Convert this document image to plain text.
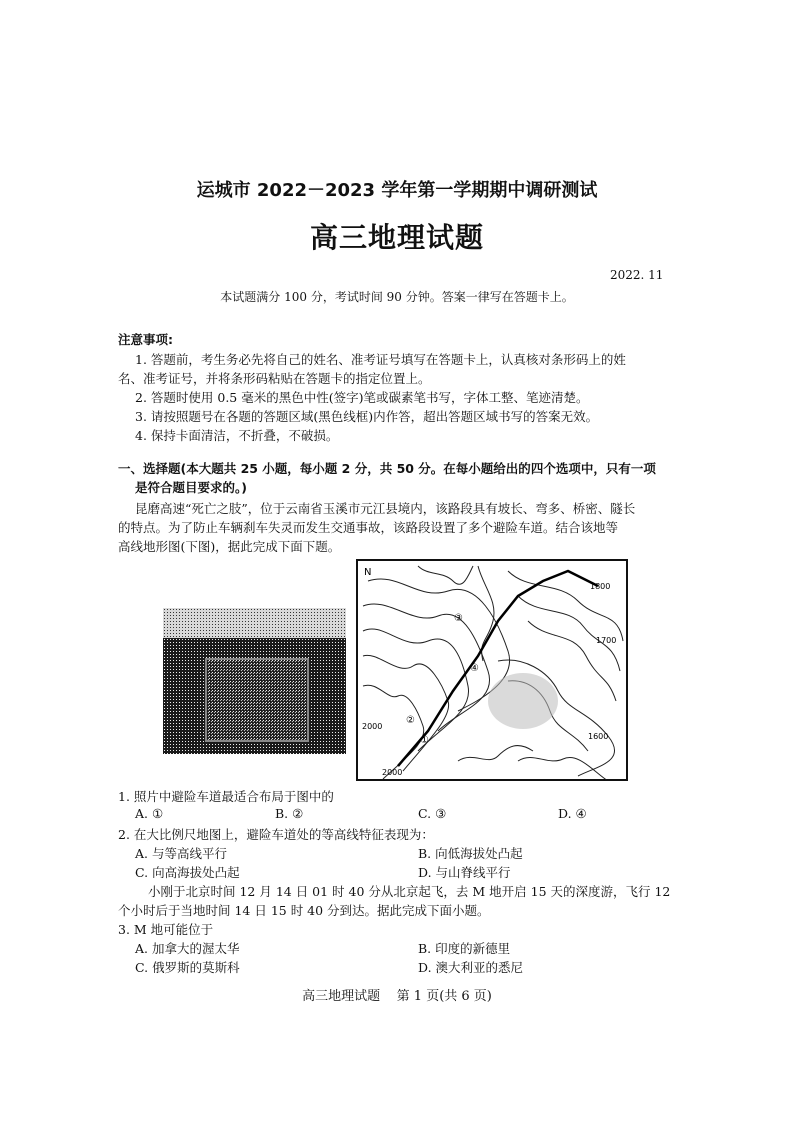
运城市 2022－2023 学年第一学期期中调研测试
高三地理试题
2022. 11
本试题满分 100 分，考试时间 90 分钟。答案一律写在答题卡上。
注意事项:
1. 答题前，考生务必先将自己的姓名、准考证号填写在答题卡上，认真核对条形码上的姓
名、准考证号，并将条形码粘贴在答题卡的指定位置上。
2. 答题时使用 0.5 毫米的黑色中性(签字)笔或碳素笔书写，字体工整、笔迹清楚。
3. 请按照题号在各题的答题区域(黑色线框)内作答，超出答题区域书写的答案无效。
4. 保持卡面清洁，不折叠，不破损。
一、选择题(本大题共 25 小题，每小题 2 分，共 50 分。在每小题给出的四个选项中，只有一项
是符合题目要求的。)
昆磨高速“死亡之肢”，位于云南省玉溪市元江县境内，该路段具有坡长、弯多、桥密、隧长
的特点。为了防止车辆刹车失灵而发生交通事故，该路段设置了多个避险车道。结合该地等
高线地形图(下图)，据此完成下面下题。
N
③
④
②
①
1800
1700
1600
2000
2000
1. 照片中避险车道最适合布局于图中的
A. ①	B. ②	C. ③	D. ④
2. 在大比例尺地图上，避险车道处的等高线特征表现为：
A. 与等高线平行	B. 向低海拔处凸起
C. 向高海拔处凸起	D. 与山脊线平行
小刚于北京时间 12 月 14 日 01 时 40 分从北京起飞，去 M 地开启 15 天的深度游，飞行 12
个小时后于当地时间 14 日 15 时 40 分到达。据此完成下面小题。
3. M 地可能位于
A. 加拿大的渥太华	B. 印度的新德里
C. 俄罗斯的莫斯科	D. 澳大利亚的悉尼
高三地理试题    第 1 页(共 6 页)
